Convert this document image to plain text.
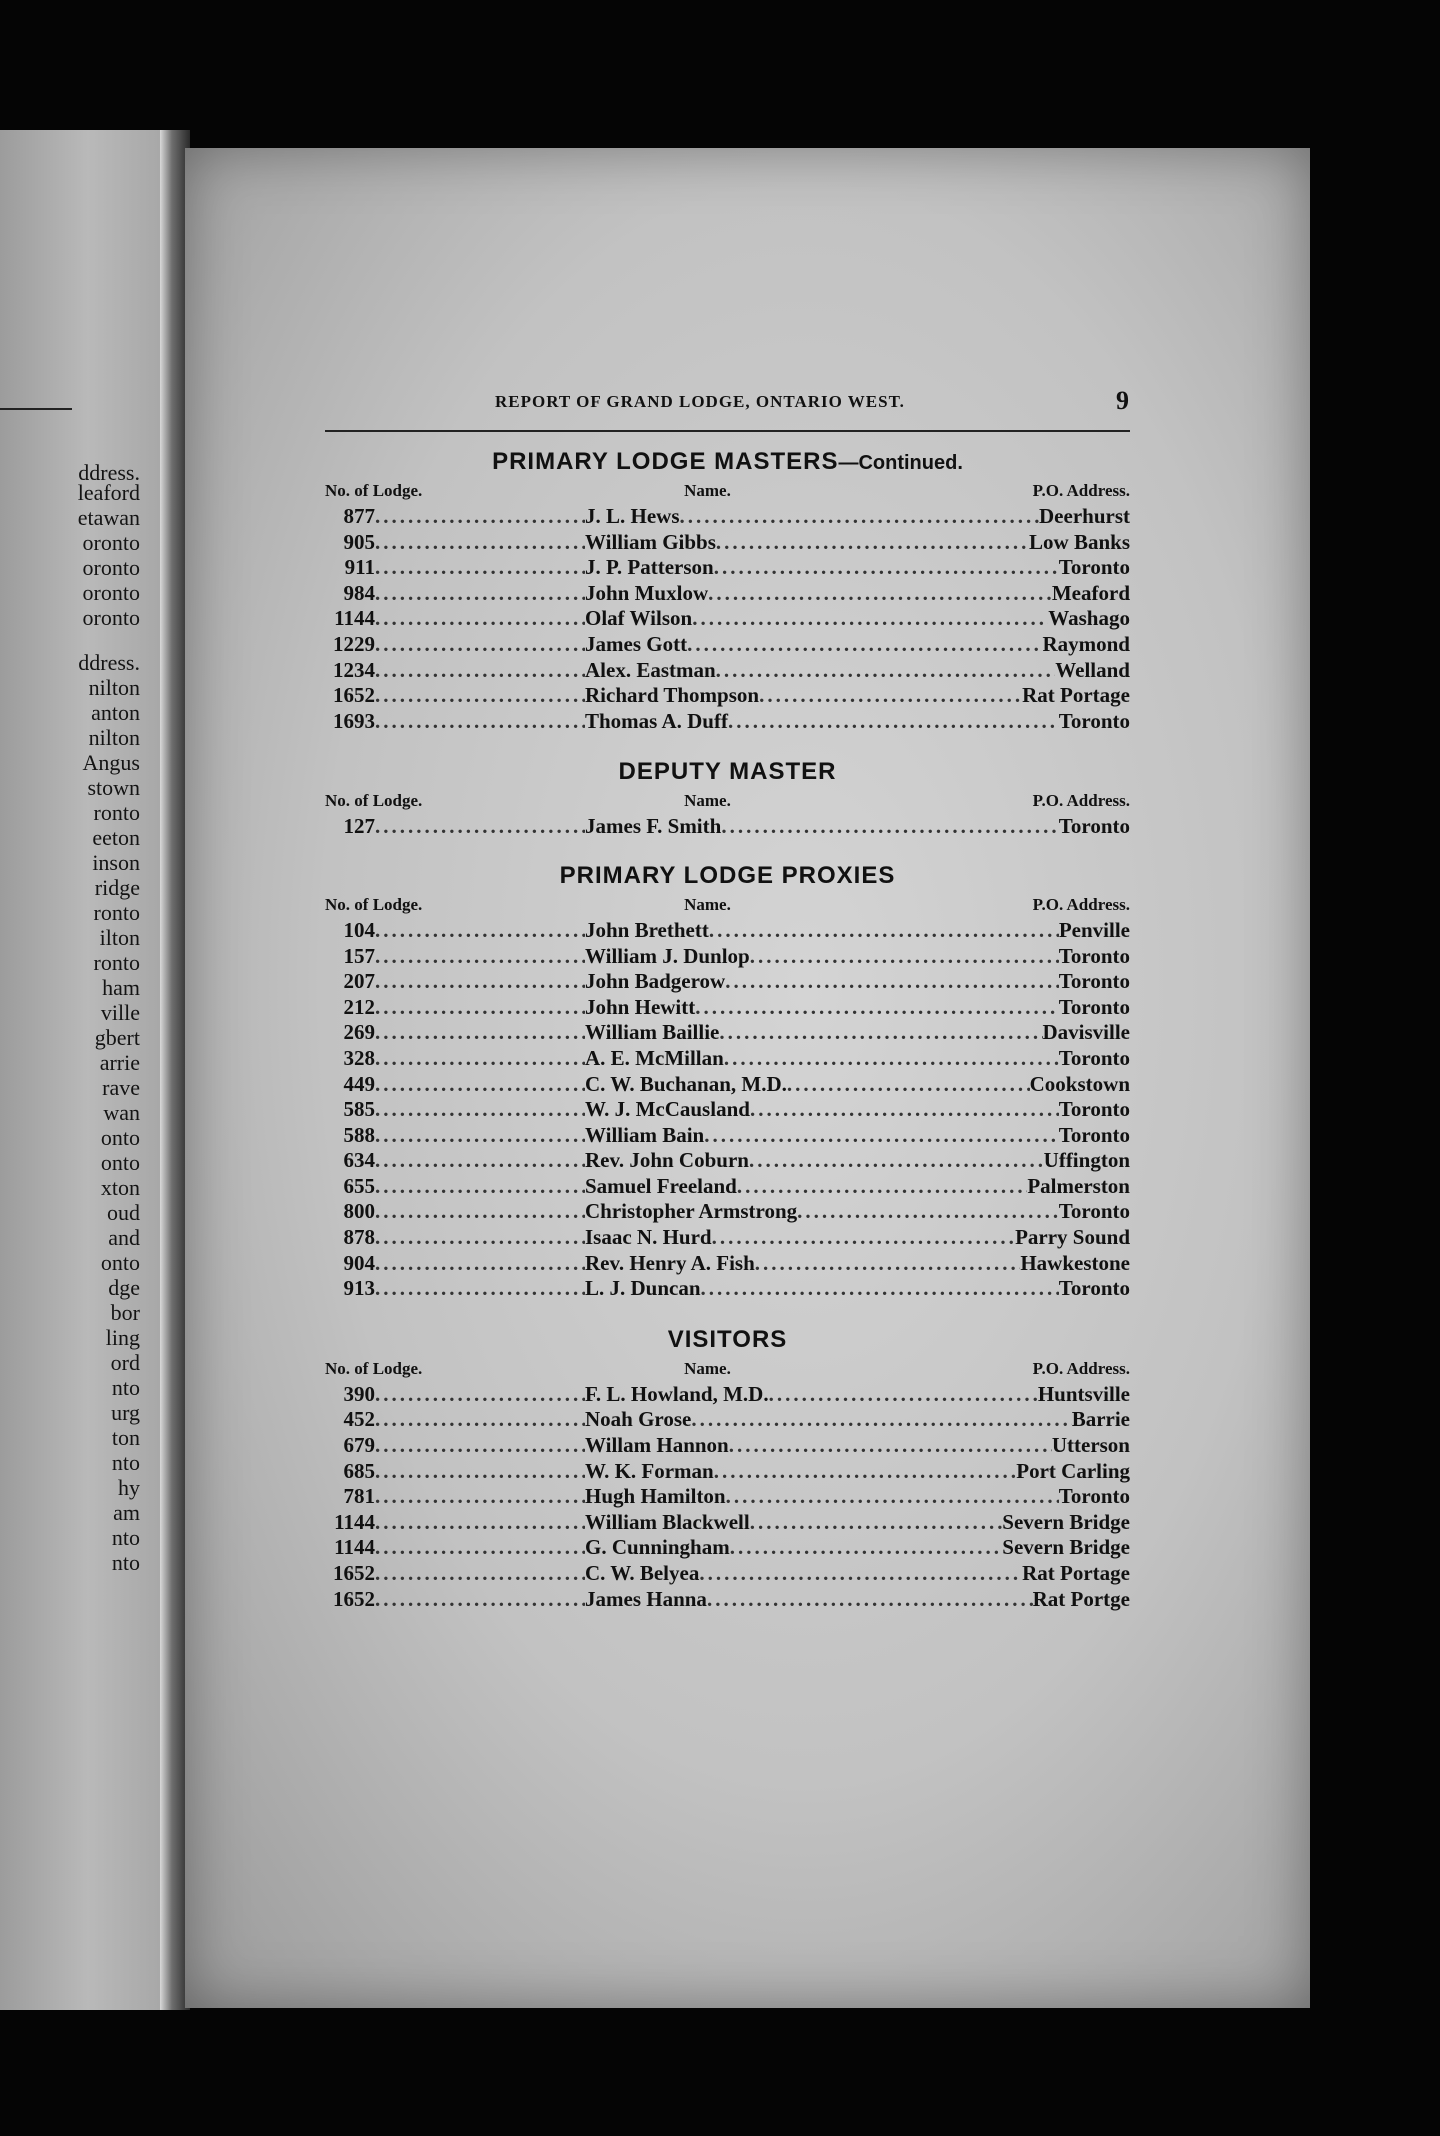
ddress.
leaford
etawan
oronto
oronto
oronto
oronto
ddress.
nilton
anton
nilton
Angus
stown
ronto
eeton
inson
ridge
ronto
ilton
ronto
ham
ville
gbert
arrie
rave
wan
onto
onto
xton
oud
and
onto
dge
bor
ling
ord
nto
urg
ton
nto
hy
am
nto
nto
REPORT OF GRAND LODGE, ONTARIO WEST.	9
PRIMARY LODGE MASTERS—Continued.
No. of Lodge.	Name.	P.O. Address.
877 .....	J. L. Hews .....	Deerhurst
905 .....	William Gibbs .....	Low Banks
911 .....	J. P. Patterson .....	Toronto
984 .....	John Muxlow .....	Meaford
1144 .....	Olaf Wilson .....	Washago
1229 .....	James Gott .....	Raymond
1234 .....	Alex. Eastman .....	Welland
1652 .....	Richard Thompson .....	Rat Portage
1693 .....	Thomas A. Duff .....	Toronto
DEPUTY MASTER
No. of Lodge.	Name.	P.O. Address.
127 .....	James F. Smith .....	Toronto
PRIMARY LODGE PROXIES
No. of Lodge.	Name.	P.O. Address.
104 .....	John Brethett .....	Penville
157 .....	William J. Dunlop .....	Toronto
207 .....	John Badgerow .....	Toronto
212 .....	John Hewitt .....	Toronto
269 .....	William Baillie .....	Davisville
328 .....	A. E. McMillan .....	Toronto
449 .....	C. W. Buchanan, M.D. .....	Cookstown
585 .....	W. J. McCausland .....	Toronto
588 .....	William Bain .....	Toronto
634 .....	Rev. John Coburn .....	Uffington
655 .....	Samuel Freeland .....	Palmerston
800 .....	Christopher Armstrong .....	Toronto
878 .....	Isaac N. Hurd .....	Parry Sound
904 .....	Rev. Henry A. Fish .....	Hawkestone
913 .....	L. J. Duncan .....	Toronto
VISITORS
No. of Lodge.	Name.	P.O. Address.
390 .....	F. L. Howland, M.D. .....	Huntsville
452 .....	Noah Grose .....	Barrie
679 .....	Willam Hannon .....	Utterson
685 .....	W. K. Forman .....	Port Carling
781 .....	Hugh Hamilton .....	Toronto
1144 .....	William Blackwell .....	Severn Bridge
1144 .....	G. Cunningham .....	Severn Bridge
1652 .....	C. W. Belyea .....	Rat Portage
1652 .....	James Hanna .....	Rat Portge
